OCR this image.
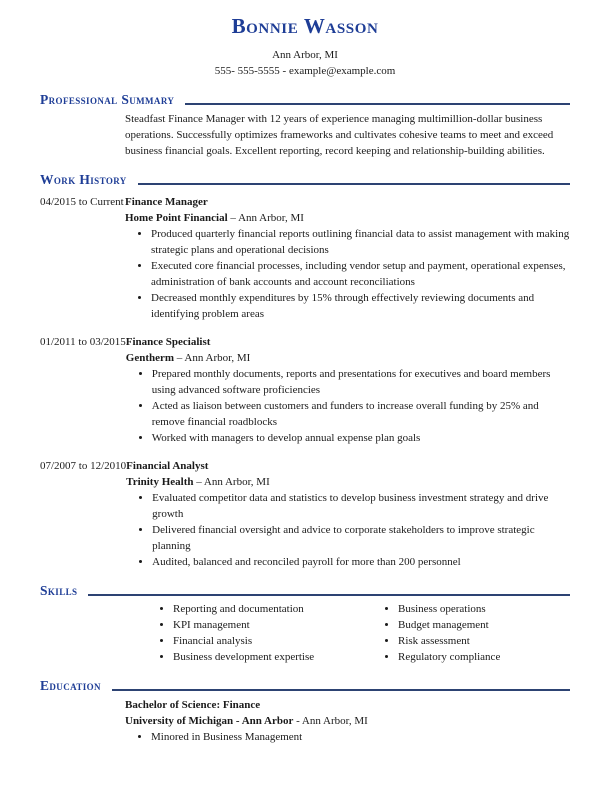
Bonnie Wasson
Ann Arbor, MI
555- 555-5555 - example@example.com
Professional Summary

Steadfast Finance Manager with 12 years of experience managing multimillion-dollar business operations. Successfully optimizes frameworks and cultivates cohesive teams to meet and exceed business financial goals. Excellent reporting, record keeping and relationship-building abilities.

Work History
04/2015 to Current Finance Manager
Home Point Financial – Ann Arbor, MI
• Produced quarterly financial reports outlining financial data to assist management with making strategic plans and operational decisions
• Executed core financial processes, including vendor setup and payment, operational expenses, administration of bank accounts and account reconciliations
• Decreased monthly expenditures by 15% through effectively reviewing documents and identifying problem areas
01/2011 to 03/2015 Finance Specialist
Gentherm – Ann Arbor, MI
• Prepared monthly documents, reports and presentations for executives and board members using advanced software proficiencies
• Acted as liaison between customers and funders to increase overall funding by 25% and remove financial roadblocks
• Worked with managers to develop annual expense plan goals
07/2007 to 12/2010 Financial Analyst
Trinity Health – Ann Arbor, MI
• Evaluated competitor data and statistics to develop business investment strategy and drive growth
• Delivered financial oversight and advice to corporate stakeholders to improve strategic planning
• Audited, balanced and reconciled payroll for more than 200 personnel
Skills
• Reporting and documentation
• KPI management
• Financial analysis
• Business development expertise
• Business operations
• Budget management
• Risk assessment
• Regulatory compliance
Education
Bachelor of Science: Finance
University of Michigan - Ann Arbor - Ann Arbor, MI
• Minored in Business Management
